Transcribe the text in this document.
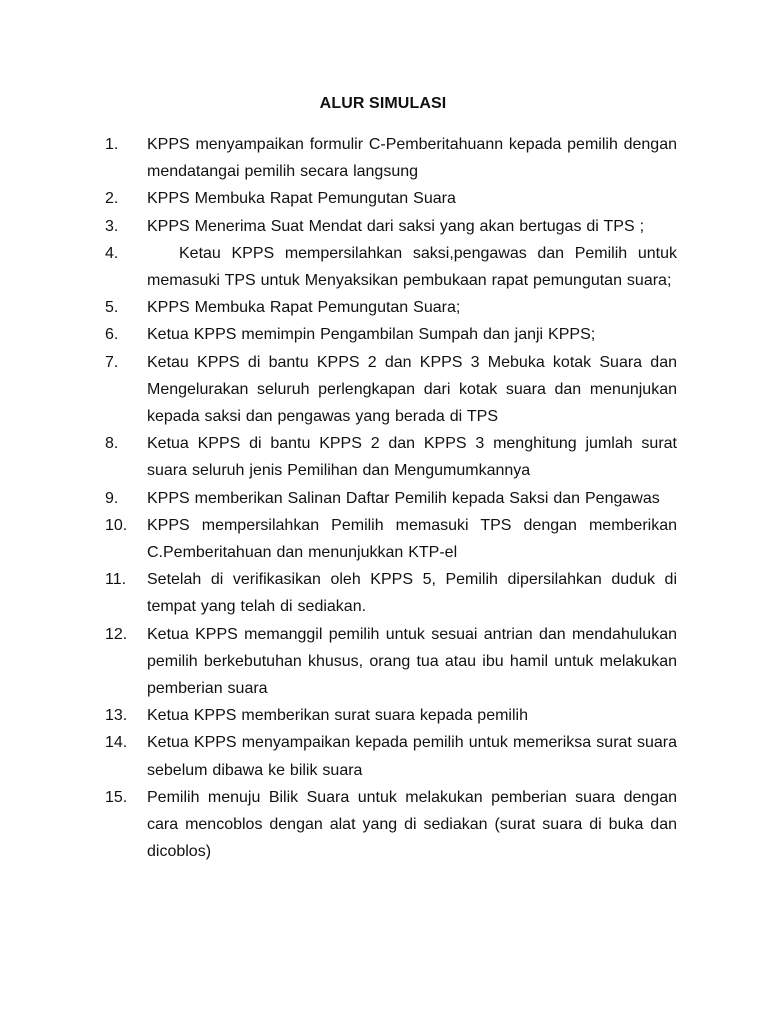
ALUR SIMULASI
1.	KPPS menyampaikan formulir C-Pemberitahuann kepada pemilih dengan mendatangai pemilih secara langsung
2.	KPPS Membuka Rapat Pemungutan Suara
3.	KPPS Menerima Suat Mendat dari saksi yang akan bertugas di TPS ;
4.	Ketau KPPS mempersilahkan saksi,pengawas dan Pemilih untuk memasuki TPS untuk Menyaksikan pembukaan rapat pemungutan suara;
5.	KPPS Membuka Rapat Pemungutan Suara;
6.	Ketua KPPS memimpin Pengambilan Sumpah dan janji KPPS;
7.	Ketau KPPS di bantu KPPS 2 dan KPPS 3 Mebuka kotak Suara dan Mengelurakan seluruh perlengkapan dari kotak suara dan menunjukan kepada saksi dan pengawas yang berada di TPS
8.	Ketua KPPS di bantu KPPS 2 dan KPPS 3 menghitung jumlah surat suara seluruh jenis Pemilihan dan Mengumumkannya
9.	KPPS memberikan Salinan Daftar Pemilih kepada Saksi dan Pengawas
10.	KPPS mempersilahkan Pemilih memasuki TPS dengan memberikan C.Pemberitahuan dan menunjukkan KTP-el
11.	Setelah di verifikasikan oleh KPPS 5, Pemilih dipersilahkan duduk di tempat yang telah di sediakan.
12.	Ketua KPPS memanggil pemilih untuk sesuai antrian dan mendahulukan pemilih berkebutuhan khusus, orang tua atau ibu hamil untuk melakukan pemberian suara
13.	Ketua KPPS memberikan surat suara kepada pemilih
14.	Ketua KPPS menyampaikan kepada pemilih untuk memeriksa surat suara sebelum dibawa ke bilik suara
15.	Pemilih menuju Bilik Suara untuk melakukan pemberian suara dengan cara mencoblos dengan alat yang di sediakan (surat suara di buka dan dicoblos)
